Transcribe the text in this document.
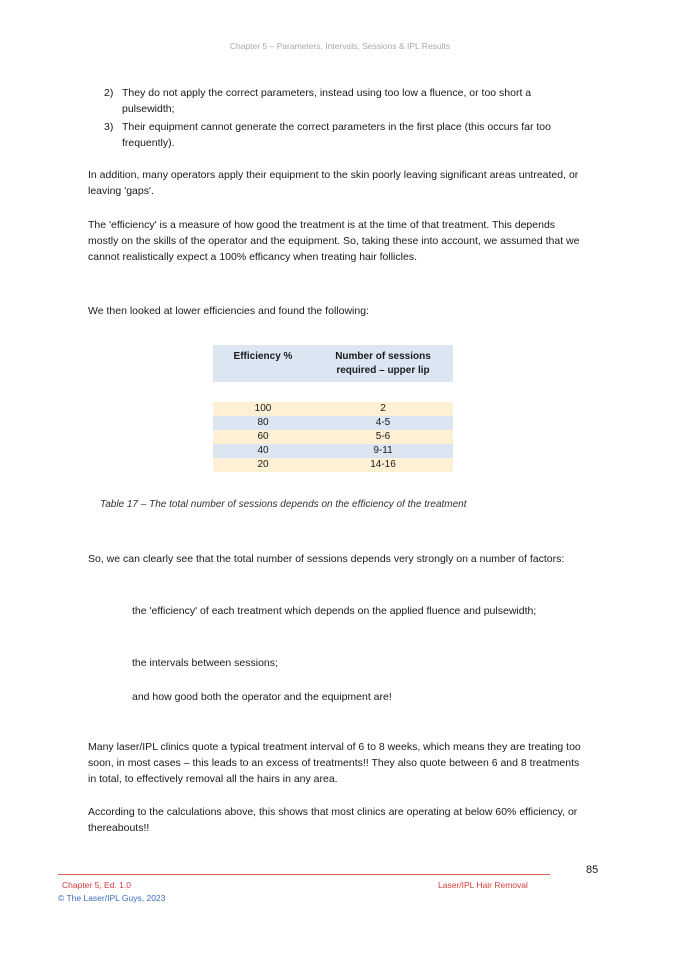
Chapter 5 – Parameters, Intervals, Sessions & IPL Results
2) They do not apply the correct parameters, instead using too low a fluence, or too short a pulsewidth;
3) Their equipment cannot generate the correct parameters in the first place (this occurs far too frequently).

In addition, many operators apply their equipment to the skin poorly leaving significant areas untreated, or leaving 'gaps'.

The 'efficiency' is a measure of how good the treatment is at the time of that treatment. This depends mostly on the skills of the operator and the equipment. So, taking these into account, we assumed that we cannot realistically expect a 100% efficancy when treating hair follicles.

We then looked at lower efficiencies and found the following:

Efficiency %	Number of sessions required – upper lip

100	2
80	4-5
60	5-6
40	9-11
20	14-16
Table 17 – The total number of sessions depends on the efficiency of the treatment

So, we can clearly see that the total number of sessions depends very strongly on a number of factors:

the 'efficiency' of each treatment which depends on the applied fluence and pulsewidth;

the intervals between sessions;

and how good both the operator and the equipment are!

Many laser/IPL clinics quote a typical treatment interval of 6 to 8 weeks, which means they are treating too soon, in most cases – this leads to an excess of treatments!! They also quote between 6 and 8 treatments in total, to effectively removal all the hairs in any area.

According to the calculations above, this shows that most clinics are operating at below 60% efficiency, or thereabouts!!

85
Chapter 5, Ed. 1.0
© The Laser/IPL Guys, 2023
Laser/IPL Hair Removal
